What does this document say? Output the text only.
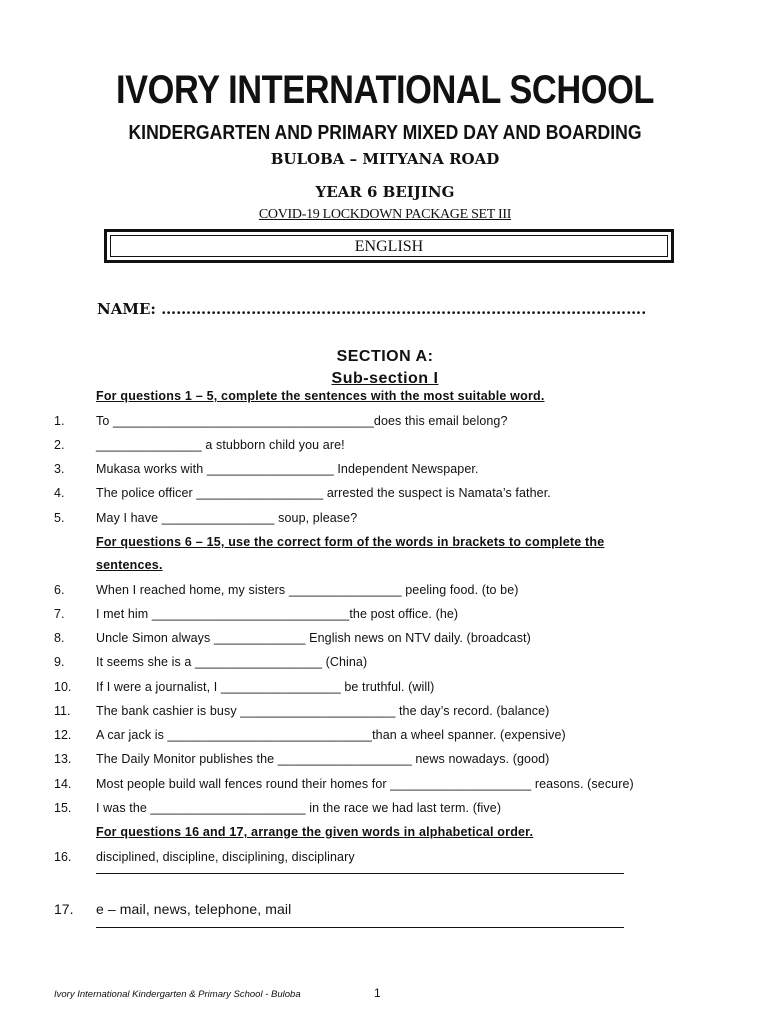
IVORY INTERNATIONAL SCHOOL
KINDERGARTEN AND PRIMARY MIXED DAY AND BOARDING
BULOBA – MITYANA ROAD
YEAR 6 BEIJING
COVID-19 LOCKDOWN PACKAGE SET III
ENGLISH
NAME: …………………………………………………………………………………….
SECTION A:
Sub-section I
For questions 1 – 5, complete the sentences with the most suitable word.
1.	To _____________________________________does this email belong?
2.	_______________ a stubborn child you are!
3.	Mukasa works with __________________ Independent Newspaper.
4.	The police officer __________________ arrested the suspect is Namata’s father.
5.	May I have ________________ soup, please?
For questions 6 – 15, use the correct form of the words in brackets to complete the
sentences.
6.	When I reached home, my sisters ________________ peeling food. (to be)
7.	I met him ____________________________the post office. (he)
8.	Uncle Simon always _____________ English news on NTV daily. (broadcast)
9.	It seems she is a __________________ (China)
10. If I were a journalist, I _________________ be truthful. (will)
11. The bank cashier is busy ______________________ the day’s record. (balance)
12. A car jack is _____________________________than a wheel spanner. (expensive)
13. The Daily Monitor publishes the ___________________ news nowadays. (good)
14. Most people build wall fences round their homes for ____________________ reasons. (secure)
15. I was the ______________________ in the race we had last term. (five)
For questions 16 and 17, arrange the given words in alphabetical order.
16. disciplined, discipline, disciplining, disciplinary
17. e – mail, news, telephone, mail
Ivory International Kindergarten & Primary School - Buloba	1
